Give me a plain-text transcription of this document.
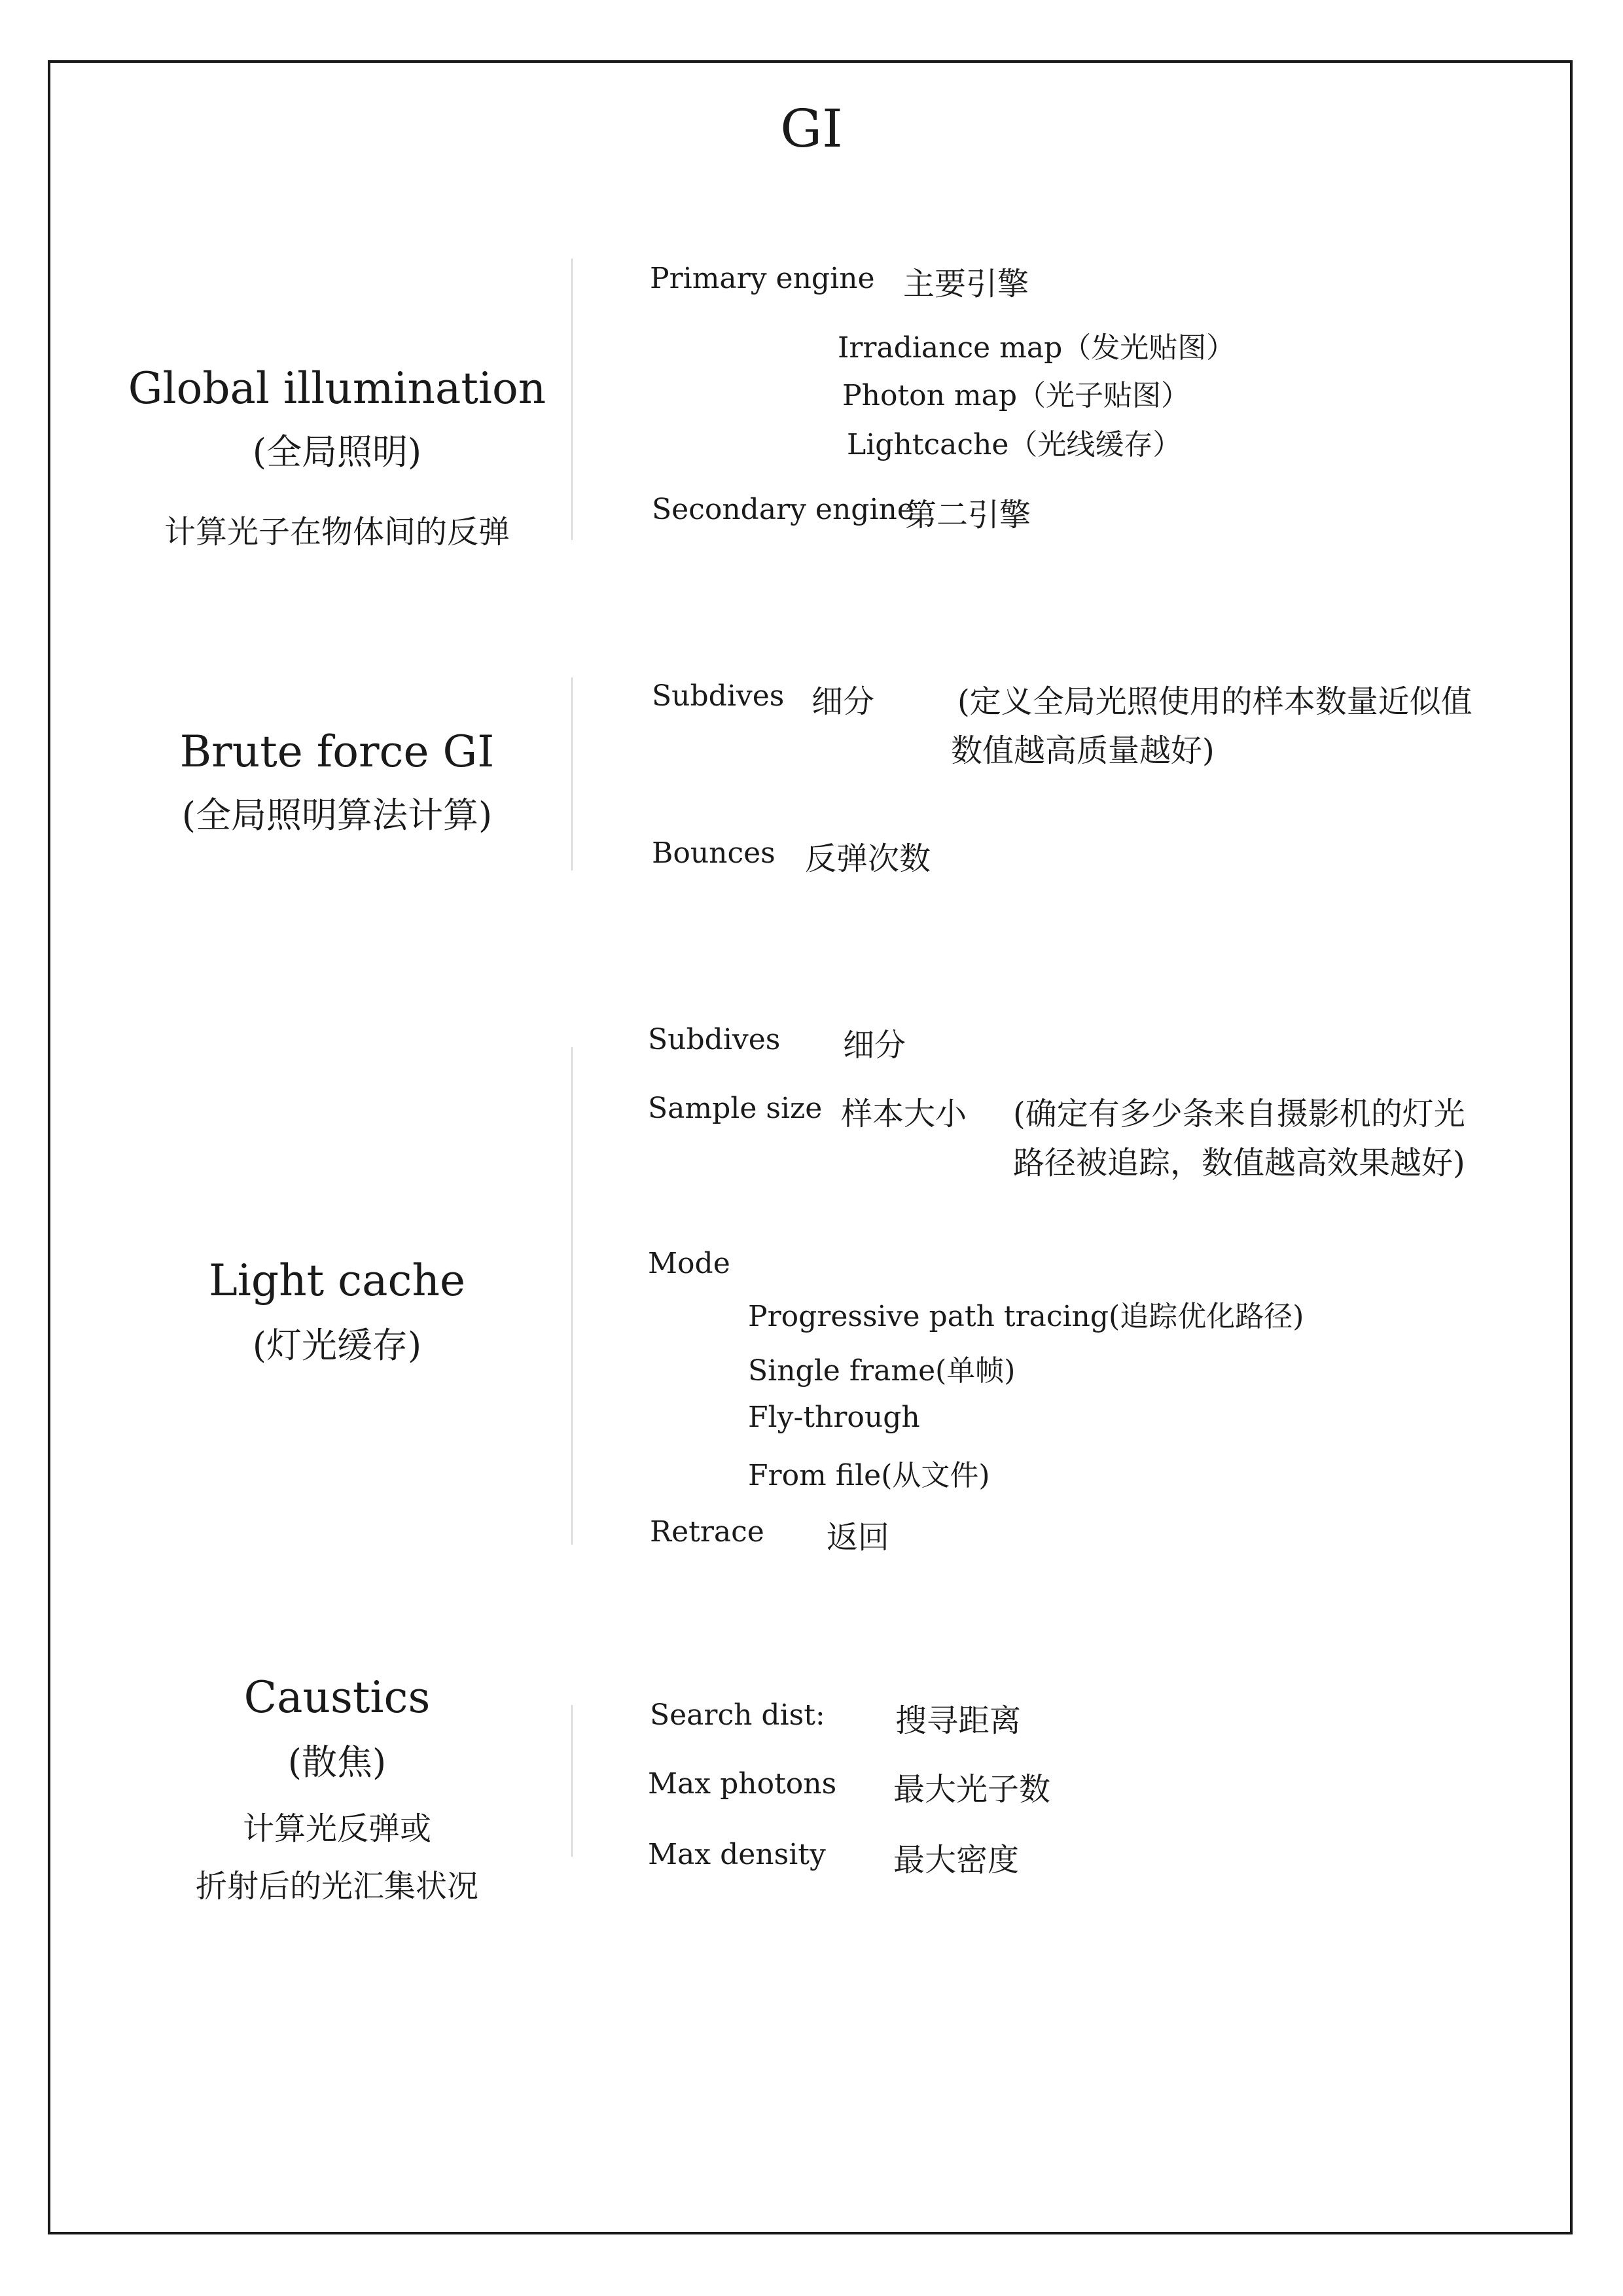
GI
Global illumination
(全局照明)
计算光子在物体间的反弹
Primary engine 主要引擎
Irradiance map（发光贴图）
Photon map（光子贴图）
Lightcache（光线缓存）
Secondary engine
第二引擎
Brute force GI
(全局照明算法计算)
Subdives 细分	(定义全局光照使用的样本数量近似值
数值越高质量越好)
Bounces 反弹次数
Light cache
(灯光缓存)
Subdives 细分
Sample size 样本大小 (确定有多少条来自摄影机的灯光
路径被追踪，数值越高效果越好)
Mode
Progressive path tracing(追踪优化路径)
Single frame(单帧)
Fly-through
From file(从文件)
Retrace 返回
Caustics
(散焦)
计算光反弹或
折射后的光汇集状况
Search dist: 搜寻距离
Max photons 最大光子数
Max density 最大密度
